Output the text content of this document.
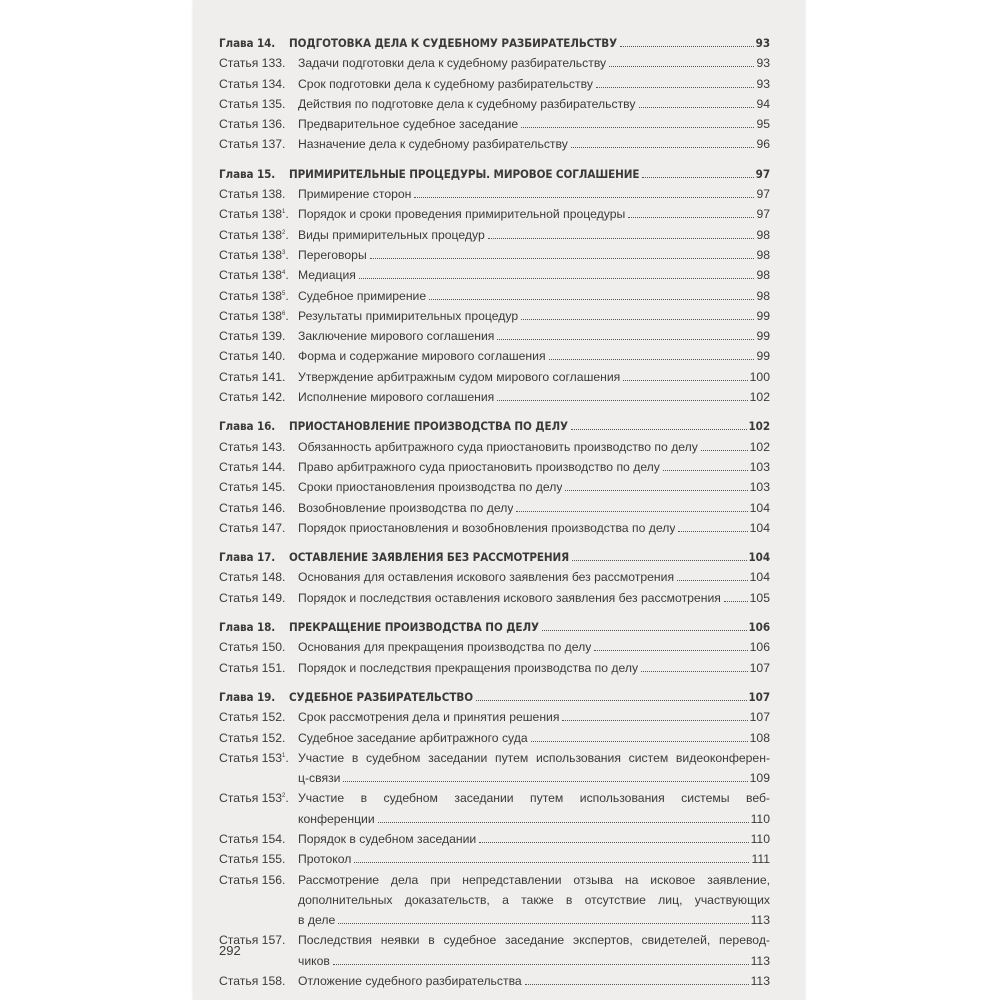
Глава 14.	ПОДГОТОВКА ДЕЛА К СУДЕБНОМУ РАЗБИРАТЕЛЬСТВУ	93
Статья 133.	Задачи подготовки дела к судебному разбирательству	93
Статья 134.	Срок подготовки дела к судебному разбирательству	93
Статья 135.	Действия по подготовке дела к судебному разбирательству	94
Статья 136.	Предварительное судебное заседание	95
Статья 137.	Назначение дела к судебному разбирательству	96
Глава 15.	ПРИМИРИТЕЛЬНЫЕ ПРОЦЕДУРЫ. МИРОВОЕ СОГЛАШЕНИЕ	97
Статья 138.	Примирение сторон	97
Статья $138^1$. Порядок и сроки проведения примирительной процедуры	97
Статья $138^2$. Виды примирительных процедур	98
Статья $138^3$. Переговоры	98
Статья $138^4$. Медиация	98
Статья $138^5$. Судебное примирение	98
Статья $138^6$. Результаты примирительных процедур	99
Статья 139.	Заключение мирового соглашения	99
Статья 140.	Форма и содержание мирового соглашения	99
Статья 141.	Утверждение арбитражным судом мирового соглашения	100
Статья 142.	Исполнение мирового соглашения	102
Глава 16.	ПРИОСТАНОВЛЕНИЕ ПРОИЗВОДСТВА ПО ДЕЛУ	102
Статья 143.	Обязанность арбитражного суда приостановить производство по делу	102
Статья 144.	Право арбитражного суда приостановить производство по делу	103
Статья 145.	Сроки приостановления производства по делу	103
Статья 146.	Возобновление производства по делу	104
Статья 147.	Порядок приостановления и возобновления производства по делу	104
Глава 17.	ОСТАВЛЕНИЕ ЗАЯВЛЕНИЯ БЕЗ РАССМОТРЕНИЯ	104
Статья 148.	Основания для оставления искового заявления без рассмотрения	104
Статья 149.	Порядок и последствия оставления искового заявления без рассмотрения 105
Глава 18.	ПРЕКРАЩЕНИЕ ПРОИЗВОДСТВА ПО ДЕЛУ	106
Статья 150.	Основания для прекращения производства по делу	106
Статья 151.	Порядок и последствия прекращения производства по делу	107
Глава 19.	СУДЕБНОЕ РАЗБИРАТЕЛЬСТВО	107
Статья 152.	Срок рассмотрения дела и принятия решения	107
Статья 152.	Судебное заседание арбитражного суда	108
Статья $153^1$. Участие в судебном заседании путем использования систем видеоконферен-
ц-связи	109
Статья $153^2$. Участие в судебном заседании путем использования системы веб-
конференции	110
Статья 154.	Порядок в судебном заседании	110
Статья 155.	Протокол	111
Статья 156.	Рассмотрение дела при непредставлении отзыва на исковое заявление,
дополнительных доказательств, а также в отсутствие лиц, участвующих
в деле	113
Статья 157.	Последствия неявки в судебное заседание экспертов, свидетелей, перевод-
чиков	113
Статья 158.	Отложение судебного разбирательства	113
292
